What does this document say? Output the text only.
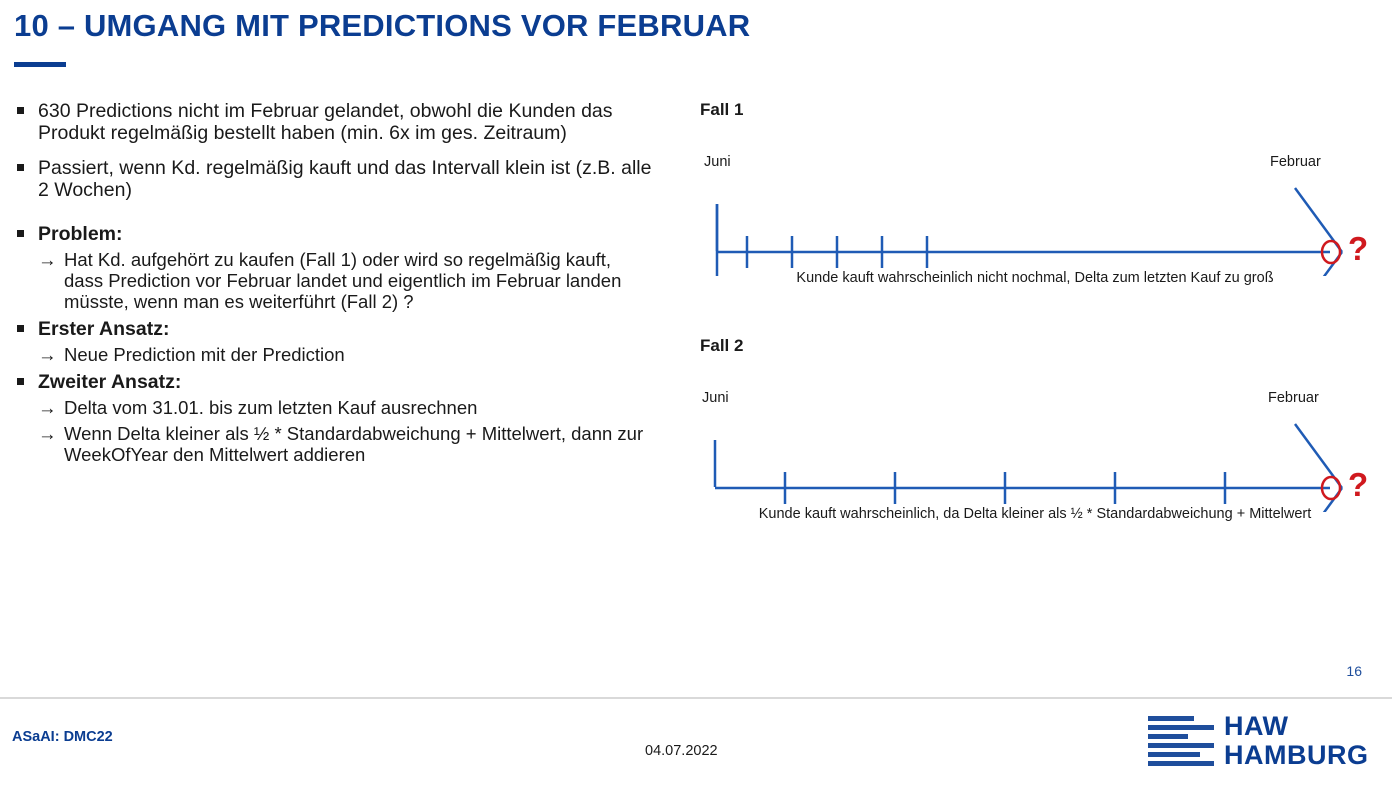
10 – UMGANG MIT PREDICTIONS VOR FEBRUAR
630 Predictions nicht im Februar gelandet, obwohl die Kunden das Produkt regelmäßig bestellt haben (min. 6x im ges. Zeitraum)
Passiert, wenn Kd. regelmäßig kauft und das Intervall klein ist (z.B. alle 2 Wochen)
Problem:
→ Hat Kd. aufgehört zu kaufen (Fall 1) oder wird so regelmäßig kauft, dass Prediction vor Februar landet und eigentlich im Februar landen müsste, wenn man es weiterführt (Fall 2) ?
Erster Ansatz:
→ Neue Prediction mit der Prediction
Zweiter Ansatz:
→ Delta vom 31.01. bis zum letzten Kauf ausrechnen
→ Wenn Delta kleiner als ½ * Standardabweichung + Mittelwert, dann zur WeekOfYear den Mittelwert addieren
Fall 1
Juni	Februar
?
Kunde kauft wahrscheinlich nicht nochmal, Delta zum letzten Kauf zu groß
Fall 2
Juni	Februar
?
Kunde kauft wahrscheinlich, da Delta kleiner als ½ * Standardabweichung + Mittelwert
16
ASaAI: DMC22
04.07.2022
HAW
HAMBURG
